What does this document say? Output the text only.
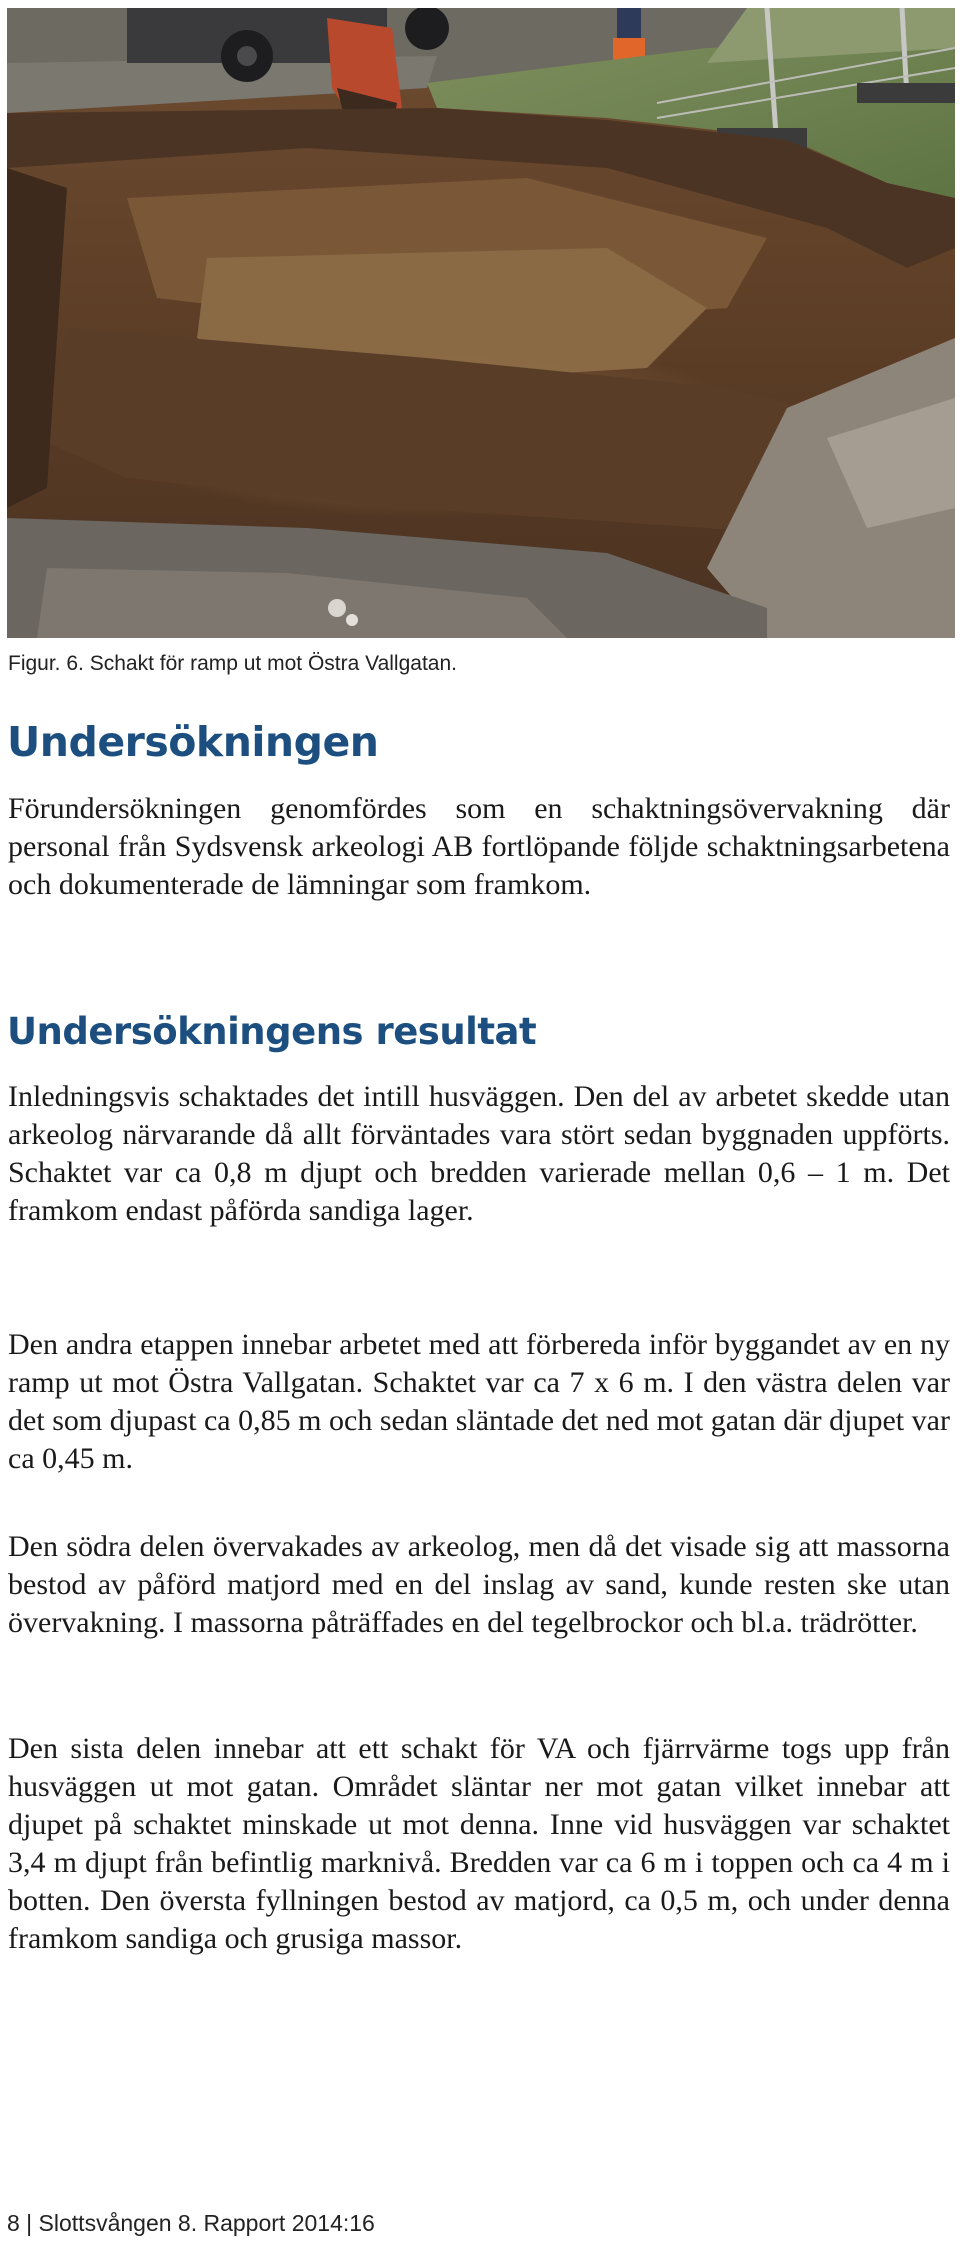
Figur. 6. Schakt för ramp ut mot Östra Vallgatan.
Undersökningen

Förundersökningen genomfördes som en schaktningsövervakning där personal från Sydsvensk arkeologi AB fortlöpande följde schaktningsarbetena och dokumenterade de lämningar som framkom.

Undersökningens resultat

Inledningsvis schaktades det intill husväggen. Den del av arbetet skedde utan arkeolog närvarande då allt förväntades vara stört sedan byggnaden uppförts. Schaktet var ca 0,8 m djupt och bredden varierade mellan 0,6 – 1 m. Det framkom endast påförda sandiga lager.

Den andra etappen innebar arbetet med att förbereda inför byggandet av en ny ramp ut mot Östra Vallgatan. Schaktet var ca 7 x 6 m. I den västra delen var det som djupast ca 0,85 m och sedan släntade det ned mot gatan där djupet var ca 0,45 m.

Den södra delen övervakades av arkeolog, men då det visade sig att massorna bestod av påförd matjord med en del inslag av sand, kunde resten ske utan övervakning. I massorna påträffades en del tegelbrockor och bl.a. trädrötter.

Den sista delen innebar att ett schakt för VA och fjärrvärme togs upp från husväggen ut mot gatan. Området släntar ner mot gatan vilket innebar att djupet på schaktet minskade ut mot denna. Inne vid husväggen var schaktet 3,4 m djupt från befintlig marknivå. Bredden var ca 6 m i toppen och ca 4 m i botten. Den översta fyllningen bestod av matjord, ca 0,5 m, och under denna framkom sandiga och grusiga massor.

8 | Slottsvången 8. Rapport 2014:16
